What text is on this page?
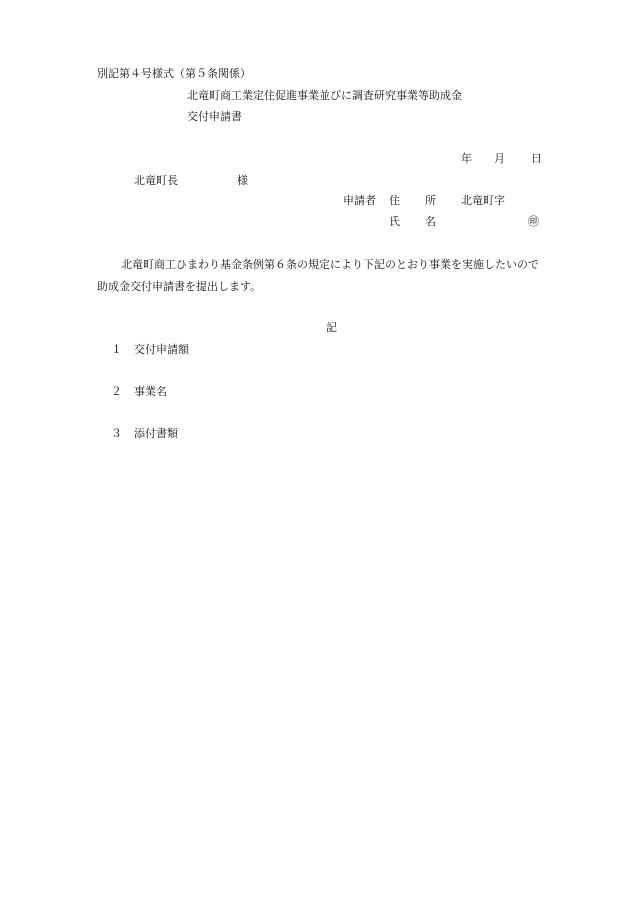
別記第４号様式（第５条関係）
北竜町商工業定住促進事業並びに調査研究事業等助成金
交付申請書
年 月 日
北竜町長	様
申請者 住 所 北竜町字
氏 名	㊞
北竜町商工ひまわり基金条例第６条の規定により下記のとおり事業を実施したいので
助成金交付申請書を提出します。
記
１ 交付申請額
２ 事業名
３ 添付書類
